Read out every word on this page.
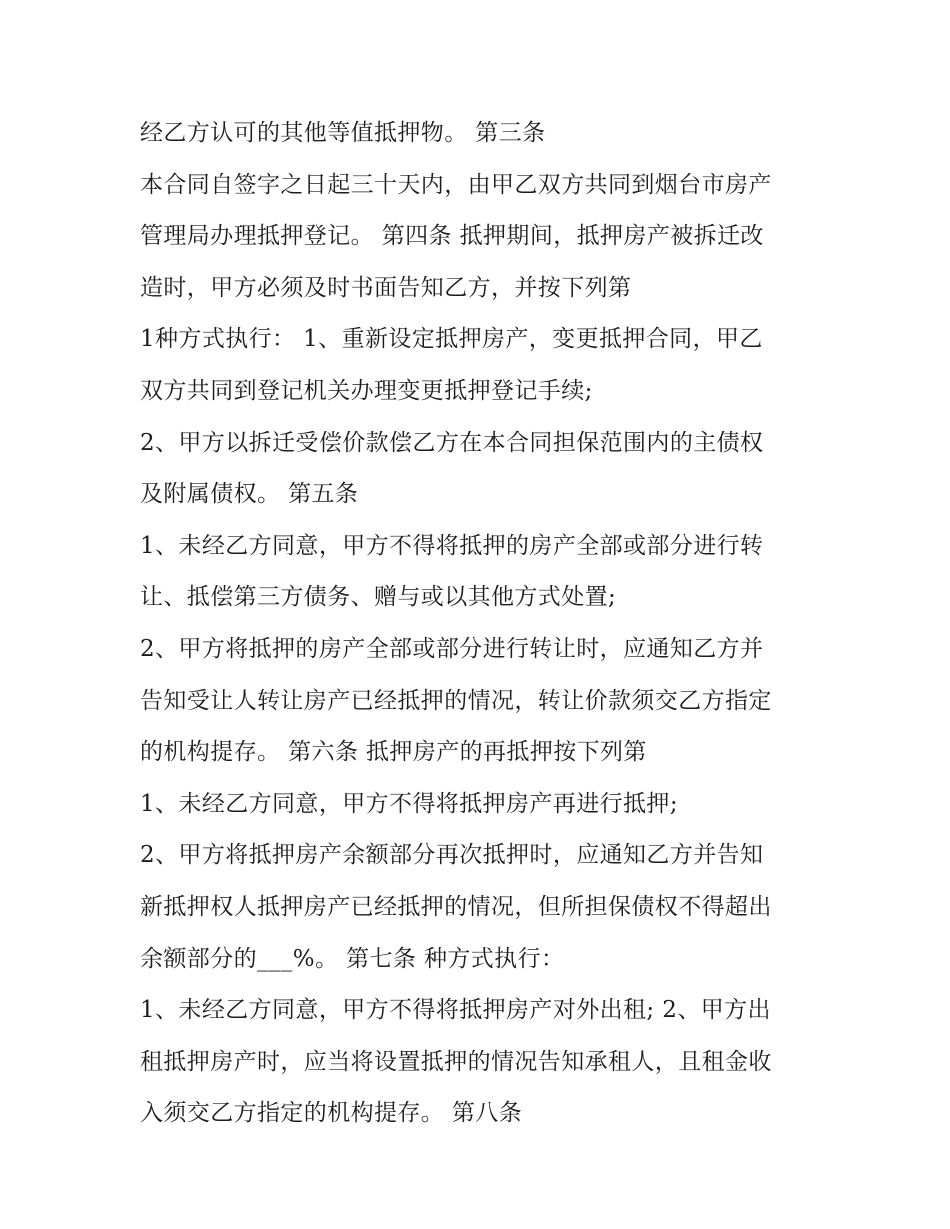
经乙方认可的其他等值抵押物。 第三条
本合同自签字之日起三十天内，由甲乙双方共同到烟台市房产
管理局办理抵押登记。 第四条 抵押期间，抵押房产被拆迁改
造时，甲方必须及时书面告知乙方，并按下列第
1种方式执行： 1、重新设定抵押房产，变更抵押合同，甲乙
双方共同到登记机关办理变更抵押登记手续;
2、甲方以拆迁受偿价款偿乙方在本合同担保范围内的主债权
及附属债权。 第五条
1、未经乙方同意，甲方不得将抵押的房产全部或部分进行转
让、抵偿第三方债务、赠与或以其他方式处置;
2、甲方将抵押的房产全部或部分进行转让时，应通知乙方并
告知受让人转让房产已经抵押的情况，转让价款须交乙方指定
的机构提存。 第六条 抵押房产的再抵押按下列第
1、未经乙方同意，甲方不得将抵押房产再进行抵押;
2、甲方将抵押房产余额部分再次抵押时，应通知乙方并告知
新抵押权人抵押房产已经抵押的情况，但所担保债权不得超出
余额部分的___%。 第七条 种方式执行：
1、未经乙方同意，甲方不得将抵押房产对外出租; 2、甲方出
租抵押房产时，应当将设置抵押的情况告知承租人，且租金收
入须交乙方指定的机构提存。 第八条
